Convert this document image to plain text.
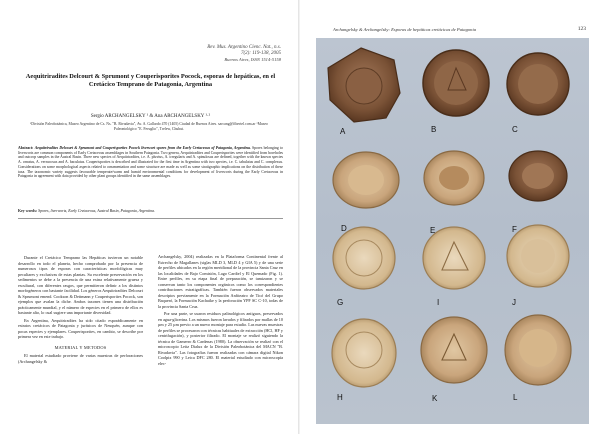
Rev. Mus. Argentino Cienc. Nat., n.s.
7(2): 119-138, 2005
Buenos Aires, ISSN 1514-5158
Aequitriradites Delcourt & Sprumont y Couperisporites Pocock, esporas de hepáticas, en el Cretácico Temprano de Patagonia, Argentina
Sergio ARCHANGELSKY ¹ & Ana ARCHANGELSKY ¹·²
¹División Paleobotánica, Museo Argentino de Cs. Ns. "B. Rivadavia", Av. A. Gallardo 470 (1405) Ciudad de Buenos Aires. sarcang@fibertel.com.ar ²Museo Paleontológico "E. Feruglio", Trelew, Chubut.
Abstract: Aequitriradites Delcourt & Sprumont and Couperisporites Pocock liverwort spores from the Early Cretaceous of Patagonia, Argentina. Spores belonging to liverworts are common components of Early Cretaceous assemblages in Southern Patagonia. Two genera, Aequitriradites and Couperisporites were identified from boreholes and outcrop samples in the Austral Basin. Three new species of Aequitriradites, i.e. A. pluvius, A. irregularis and A. spinulosus are defined, together with the known species A. ornatus, A. verrucosus and A. baculatus. Couperisporites is described and illustrated for the first time in Argentina with two species, i.e. C. tabulatus and C. complexus. Considerations on some morphological aspects related to ornamentation and some structure are made as well as some stratigraphic implications on the distribution of these taxa. The taxonomic variety suggests favourable temperate/warm and humid environmental conditions for development of liverworts during the Early Cretaceous in Patagonia in agreement with data provided by other plant groups identified in the same assemblages.
Key words: Spores, liverworts, Early Cretaceous, Austral Basin, Patagonia, Argentina.

Durante el Cretácico Temprano las Hepáticas tuvieron un notable desarrollo en todo el planeta, hecho comprobado por la presencia de numerosos tipos de esporas con características morfológicas muy peculiares y exclusivas de estas plantas. Su excelente preservación en los sedimentos se debe a la presencia de una exina relativamente gruesa y escultural, con diferentes rasgos, que permitieron definir a los distintos morfogéneros con bastante facilidad. Los géneros Aequitriradites Delcourt & Sprumont emend. Cookson & Dettmann y Couperisporites Pocock, son ejemplos que avalan la diche. Ambos taxones tienen una distribución prácticamente mundial, y el número de especies en el primero de ellos es bastante alto, lo cual sugiere una importante diversidad.

En Argentina, Aequitriradites ha sido citado esporádicamente en estratos cretácicos de Patagonia y jurásicos de Neuquén, aunque con pocas especies y ejemplares. Couperisporites, en cambio, se describe por primera vez en este trabajo.

MATERIAL Y METODOS

El material estudiado proviene de varias muestras de perforaciones (Archangelsky &

Archangelsky, 2004) realizadas en la Plataforma Continental frente al Estrecho de Magallanes (siglas MLD 3, MLD 4 y GIA 5) y de una serie de perfiles ubicados en la región meridional de la provincia Santa Cruz en las localidades de Bajo Comisión, Lago Cardiel y El Quemado (Fig. 1). Entre perfiles, en su etapa final de preparación, se tamizaron y se conservan tanto los componentes orgánicos como los correspondientes contribuciones estratigráficas. También fueron observados materiales descriptos previamente en la Formación Anfiteatro de Ticó del Grupo Baqueró, la Formación Kachaike y la perforación YPF SC C-10, todas de la provincia Santa Cruz.

Por una parte, se usaron residuos palinológicos antiguos, preservados en agua-glicerina. Los mismos fueron lavados y filtrados por mallas de 10 µm y 25 µm previo a un nuevo montaje para estudio. Las nuevas muestras de perfiles se procesaron con técnicas habituales de extracción (HCl, HF y centrifugación), y posterior filtrado. El montaje se realizó siguiendo la técnica de Gamerro & Cardenas (1980). La observación se realizó con el microscopio Leitz Dialux de la División Paleobotánica del MACN "B. Rivadavia". Las fotografías fueron realizadas con cámara digital Nikon Coolpix 990 y Leica DFC 280. El material estudiado con microscopía elec-

Archangelsky & Archangelsky: Esporas de hepáticas cretácicas de Patagonia	123
A	B	C
D	E	F
G	I	J
H	K	L
